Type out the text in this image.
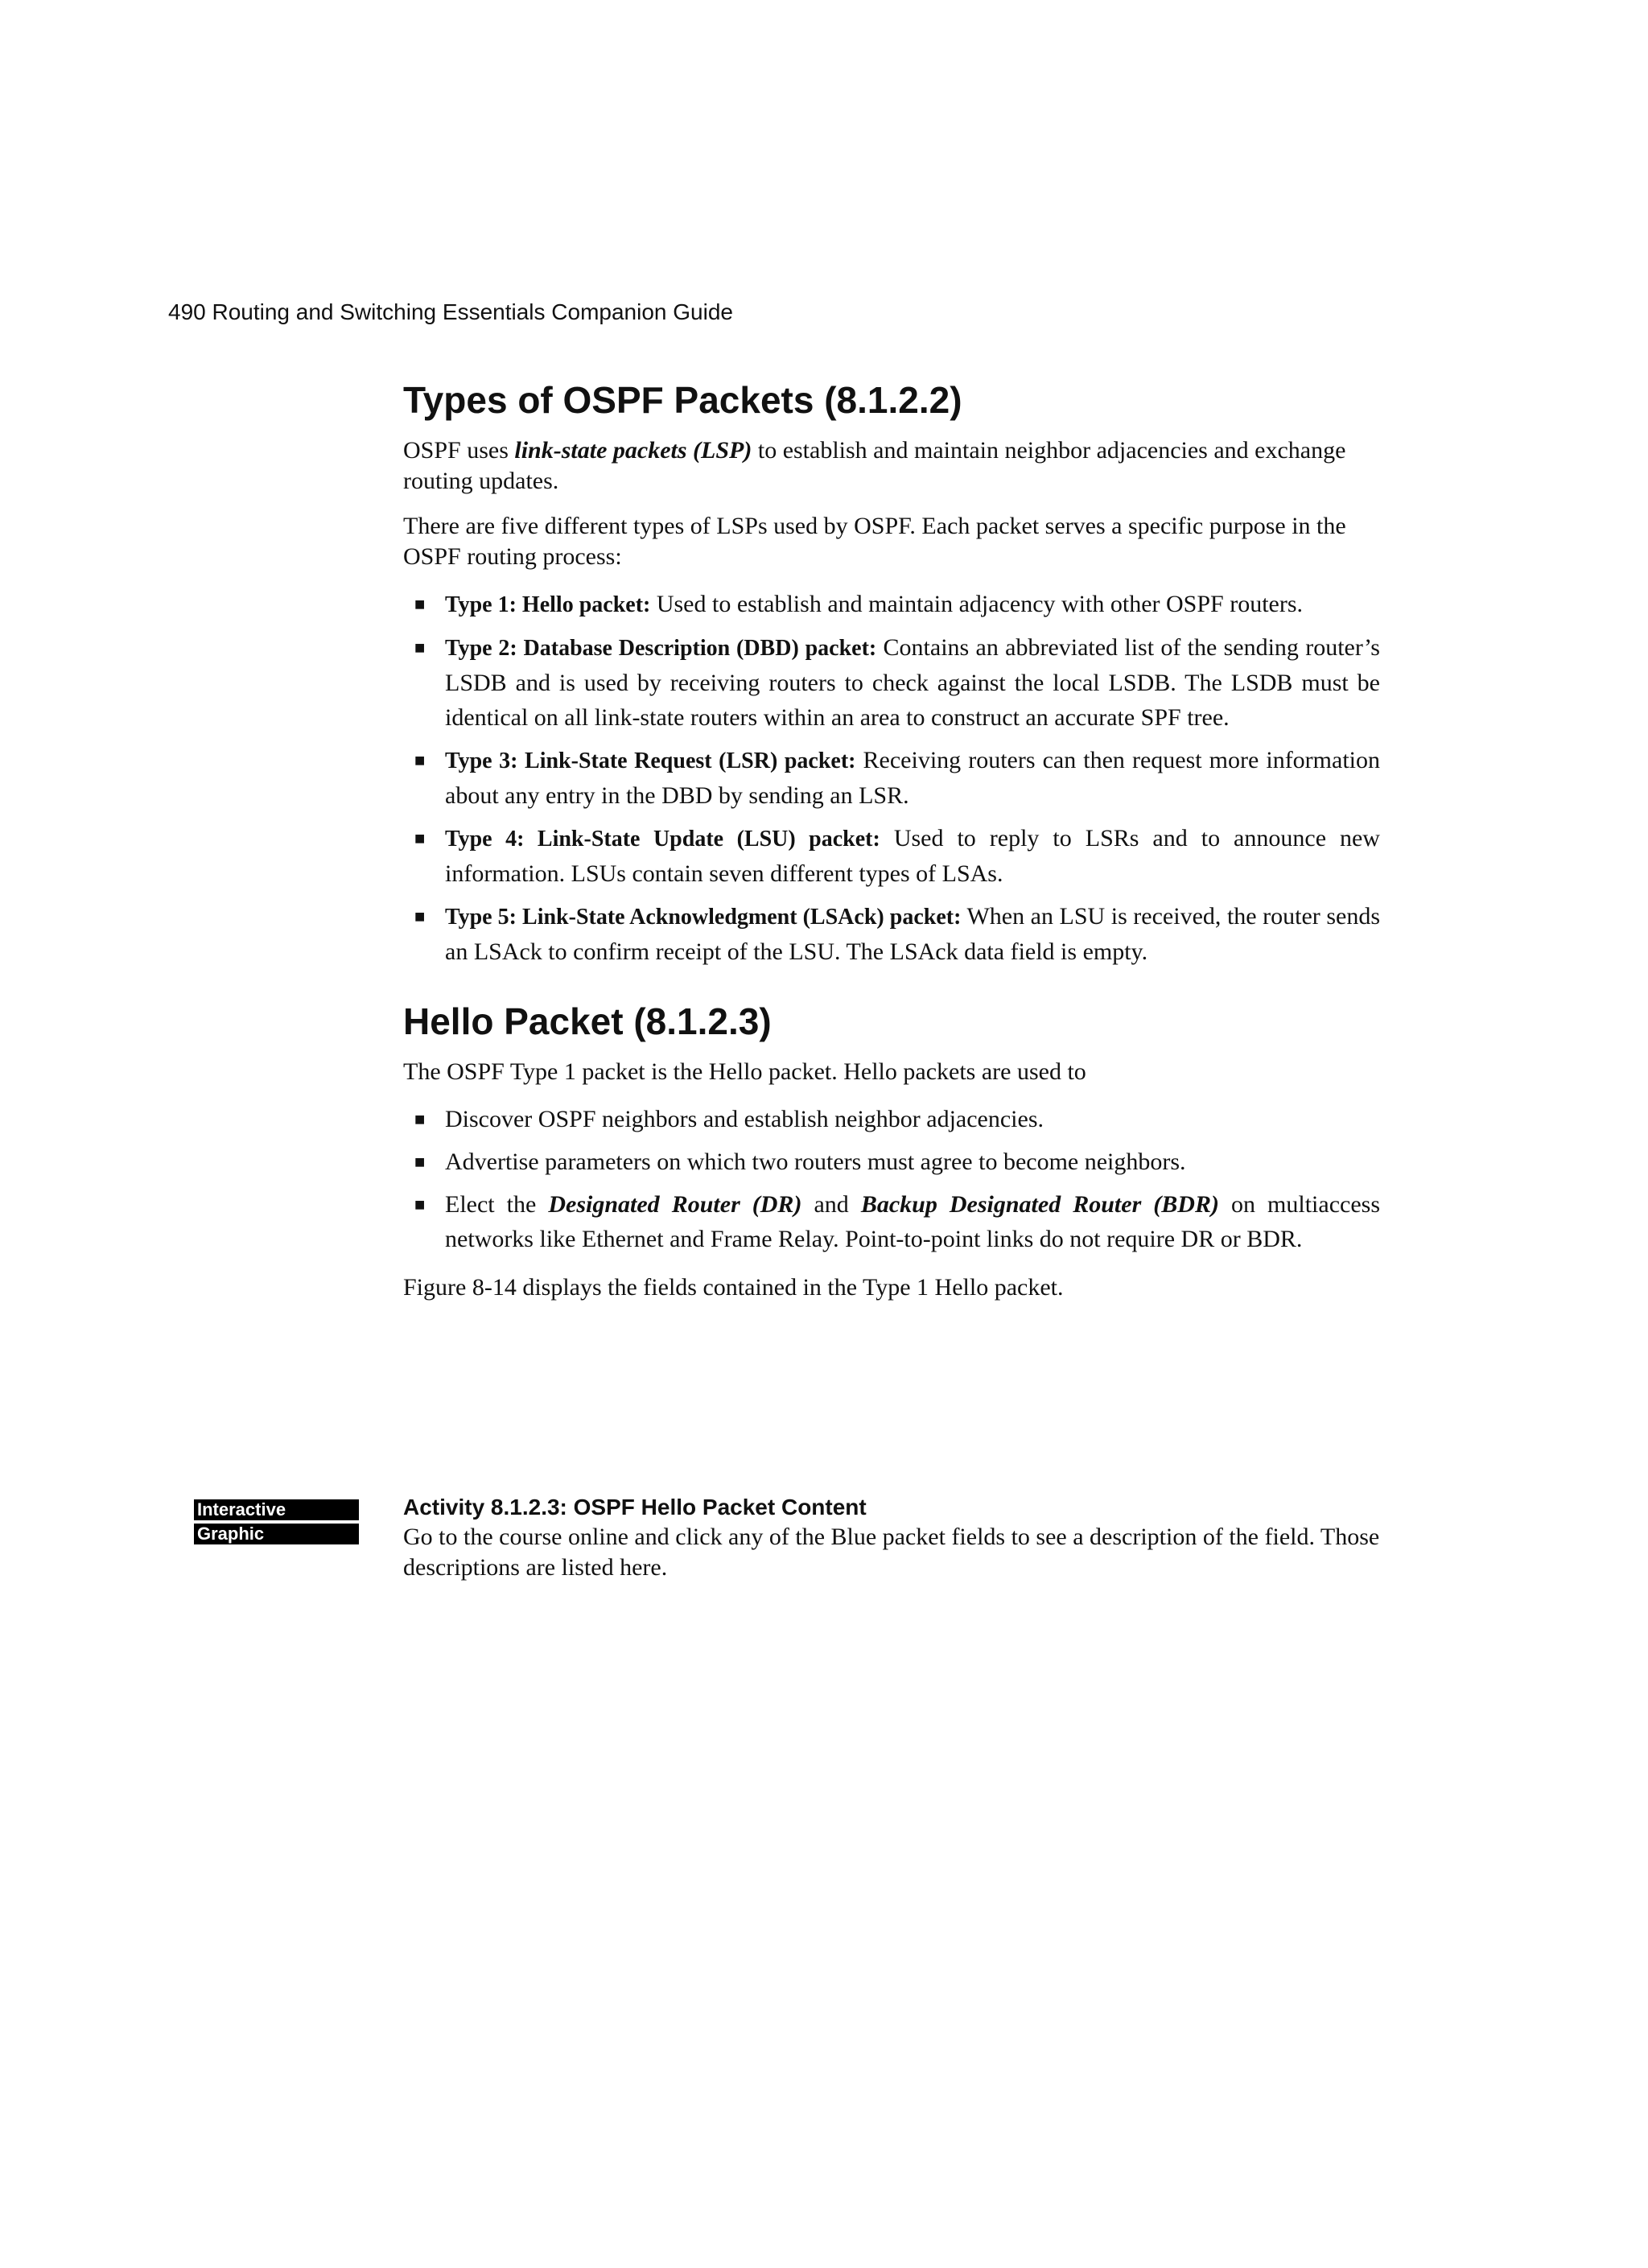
490 Routing and Switching Essentials Companion Guide
Types of OSPF Packets (8.1.2.2)

OSPF uses link-state packets (LSP) to establish and maintain neighbor adjacencies and exchange routing updates.

There are five different types of LSPs used by OSPF. Each packet serves a specific purpose in the OSPF routing process:

■ Type 1: Hello packet: Used to establish and maintain adjacency with other OSPF routers.
■ Type 2: Database Description (DBD) packet: Contains an abbreviated list of the sending router’s LSDB and is used by receiving routers to check against the local LSDB. The LSDB must be identical on all link-state routers within an area to construct an accurate SPF tree.
■ Type 3: Link-State Request (LSR) packet: Receiving routers can then request more information about any entry in the DBD by sending an LSR.
■ Type 4: Link-State Update (LSU) packet: Used to reply to LSRs and to announce new information. LSUs contain seven different types of LSAs.
■ Type 5: Link-State Acknowledgment (LSAck) packet: When an LSU is received, the router sends an LSAck to confirm receipt of the LSU. The LSAck data field is empty.
Hello Packet (8.1.2.3)

The OSPF Type 1 packet is the Hello packet. Hello packets are used to

■ Discover OSPF neighbors and establish neighbor adjacencies.
■ Advertise parameters on which two routers must agree to become neighbors.
■ Elect the Designated Router (DR) and Backup Designated Router (BDR) on multiaccess networks like Ethernet and Frame Relay. Point-to-point links do not require DR or BDR.

Figure 8-14 displays the fields contained in the Type 1 Hello packet.

Interactive
Graphic
Activity 8.1.2.3: OSPF Hello Packet Content

Go to the course online and click any of the Blue packet fields to see a description of the field. Those descriptions are listed here.
